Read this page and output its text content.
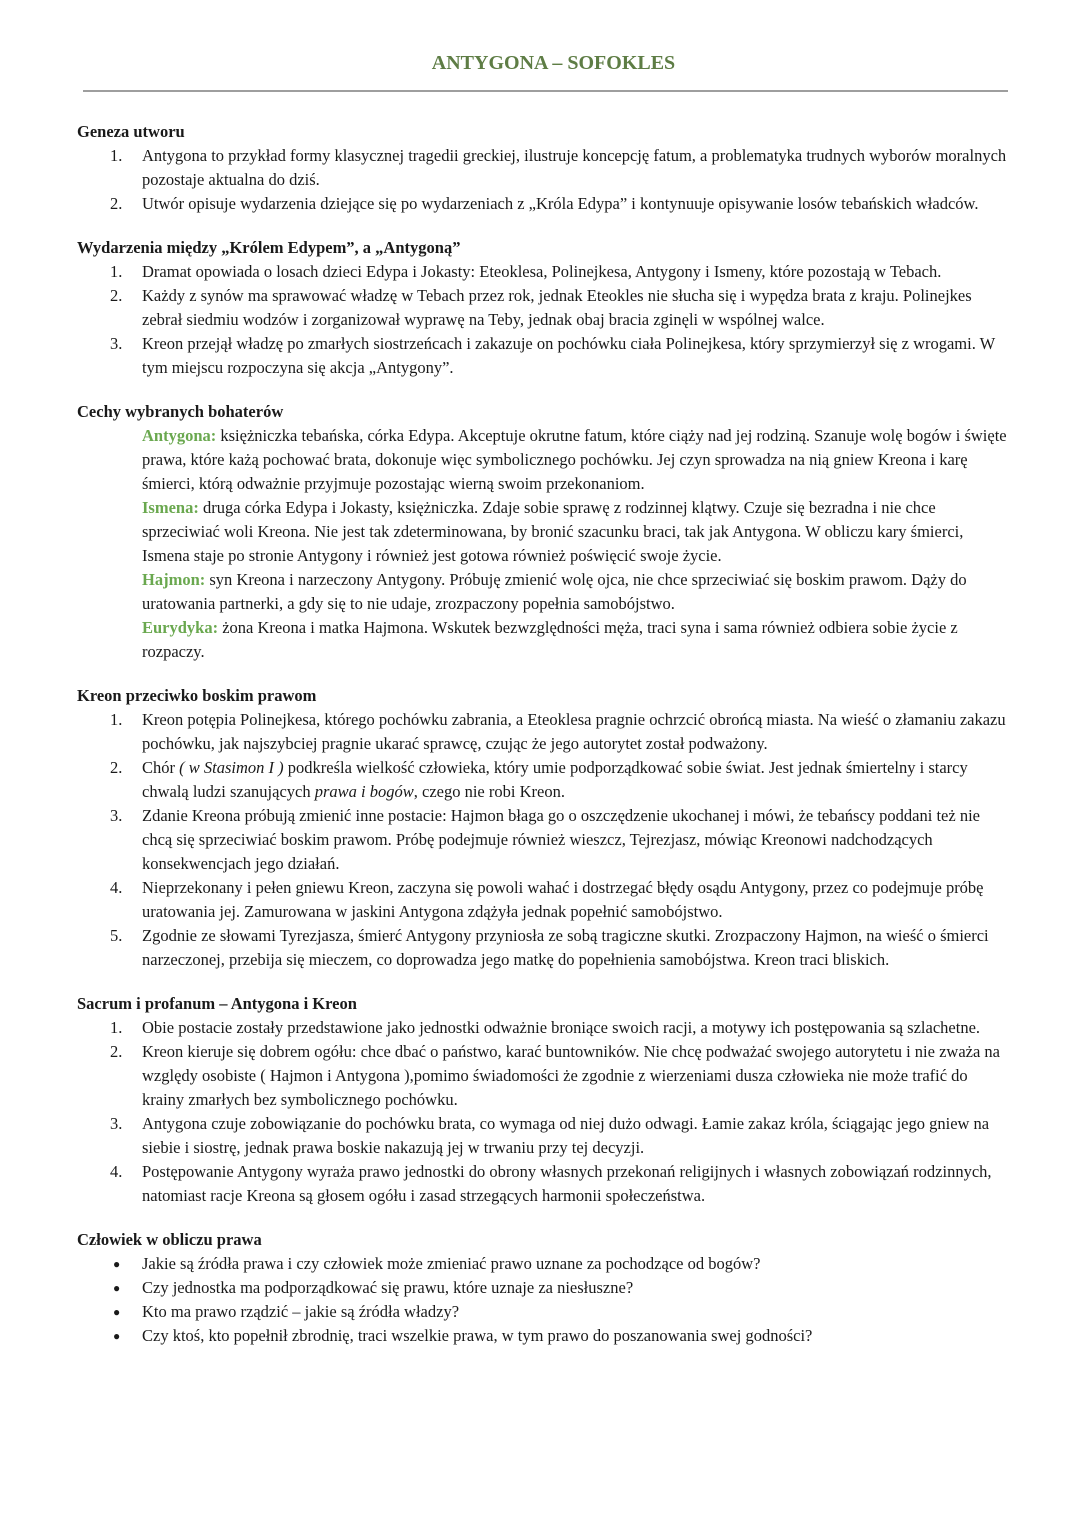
ANTYGONA – SOFOKLES
Geneza utworu
1.	Antygona to przykład formy klasycznej tragedii greckiej, ilustruje koncepcję fatum, a problematyka trudnych wyborów moralnych pozostaje aktualna do dziś.
2.	Utwór opisuje wydarzenia dziejące się po wydarzeniach z „Króla Edypa” i kontynuuje opisywanie losów tebańskich władców.
Wydarzenia między „Królem Edypem”, a „Antygoną”
1.	Dramat opowiada o losach dzieci Edypa i Jokasty: Eteoklesa, Polinejkesa, Antygony i Ismeny, które pozostają w Tebach.
2.	Każdy z synów ma sprawować władzę w Tebach przez rok, jednak Eteokles nie słucha się i wypędza brata z kraju. Polinejkes zebrał siedmiu wodzów i zorganizował wyprawę na Teby, jednak obaj bracia zginęli w wspólnej walce.
3.	Kreon przejął władzę po zmarłych siostrzeńcach i zakazuje on pochówku ciała Polinejkesa, który sprzymierzył się z wrogami. W tym miejscu rozpoczyna się akcja „Antygony”.
Cechy wybranych bohaterów

Antygona: księżniczka tebańska, córka Edypa. Akceptuje okrutne fatum, które ciąży nad jej rodziną. Szanuje wolę bogów i święte prawa, które każą pochować brata, dokonuje więc symbolicznego pochówku. Jej czyn sprowadza na nią gniew Kreona i karę śmierci, którą odważnie przyjmuje pozostając wierną swoim przekonaniom.

Ismena: druga córka Edypa i Jokasty, księżniczka. Zdaje sobie sprawę z rodzinnej klątwy. Czuje się bezradna i nie chce sprzeciwiać woli Kreona. Nie jest tak zdeterminowana, by bronić szacunku braci, tak jak Antygona. W obliczu kary śmierci, Ismena staje po stronie Antygony i również jest gotowa również poświęcić swoje życie.

Hajmon: syn Kreona i narzeczony Antygony. Próbuję zmienić wolę ojca, nie chce sprzeciwiać się boskim prawom. Dąży do uratowania partnerki, a gdy się to nie udaje, zrozpaczony popełnia samobójstwo.

Eurydyka: żona Kreona i matka Hajmona. Wskutek bezwzględności męża, traci syna i sama również odbiera sobie życie z rozpaczy.

Kreon przeciwko boskim prawom
1.	Kreon potępia Polinejkesa, którego pochówku zabrania, a Eteoklesa pragnie ochrzcić obrońcą miasta. Na wieść o złamaniu zakazu pochówku, jak najszybciej pragnie ukarać sprawcę, czując że jego autorytet został podważony.
2.	Chór ( w Stasimon I ) podkreśla wielkość człowieka, który umie podporządkować sobie świat. Jest jednak śmiertelny i starcy chwalą ludzi szanujących prawa i bogów, czego nie robi Kreon.
3.	Zdanie Kreona próbują zmienić inne postacie: Hajmon błaga go o oszczędzenie ukochanej i mówi, że tebańscy poddani też nie chcą się sprzeciwiać boskim prawom. Próbę podejmuje również wieszcz, Tejrezjasz, mówiąc Kreonowi nadchodzących konsekwencjach jego działań.
4.	Nieprzekonany i pełen gniewu Kreon, zaczyna się powoli wahać i dostrzegać błędy osądu Antygony, przez co podejmuje próbę uratowania jej. Zamurowana w jaskini Antygona zdążyła jednak popełnić samobójstwo.
5.	Zgodnie ze słowami Tyrezjasza, śmierć Antygony przyniosła ze sobą tragiczne skutki. Zrozpaczony Hajmon, na wieść o śmierci narzeczonej, przebija się mieczem, co doprowadza jego matkę do popełnienia samobójstwa. Kreon traci bliskich.
Sacrum i profanum – Antygona i Kreon
1.	Obie postacie zostały przedstawione jako jednostki odważnie broniące swoich racji, a motywy ich postępowania są szlachetne.
2.	Kreon kieruje się dobrem ogółu: chce dbać o państwo, karać buntowników. Nie chcę podważać swojego autorytetu i nie zważa na względy osobiste ( Hajmon i Antygona ),pomimo świadomości że zgodnie z wierzeniami dusza człowieka nie może trafić do krainy zmarłych bez symbolicznego pochówku.
3.	Antygona czuje zobowiązanie do pochówku brata, co wymaga od niej dużo odwagi. Łamie zakaz króla, ściągając jego gniew na siebie i siostrę, jednak prawa boskie nakazują jej w trwaniu przy tej decyzji.
4.	Postępowanie Antygony wyraża prawo jednostki do obrony własnych przekonań religijnych i własnych zobowiązań rodzinnych, natomiast racje Kreona są głosem ogółu i zasad strzegących harmonii społeczeństwa.
Człowiek w obliczu prawa
● Jakie są źródła prawa i czy człowiek może zmieniać prawo uznane za pochodzące od bogów?
● Czy jednostka ma podporządkować się prawu, które uznaje za niesłuszne?
● Kto ma prawo rządzić – jakie są źródła władzy?
● Czy ktoś, kto popełnił zbrodnię, traci wszelkie prawa, w tym prawo do poszanowania swej godności?
